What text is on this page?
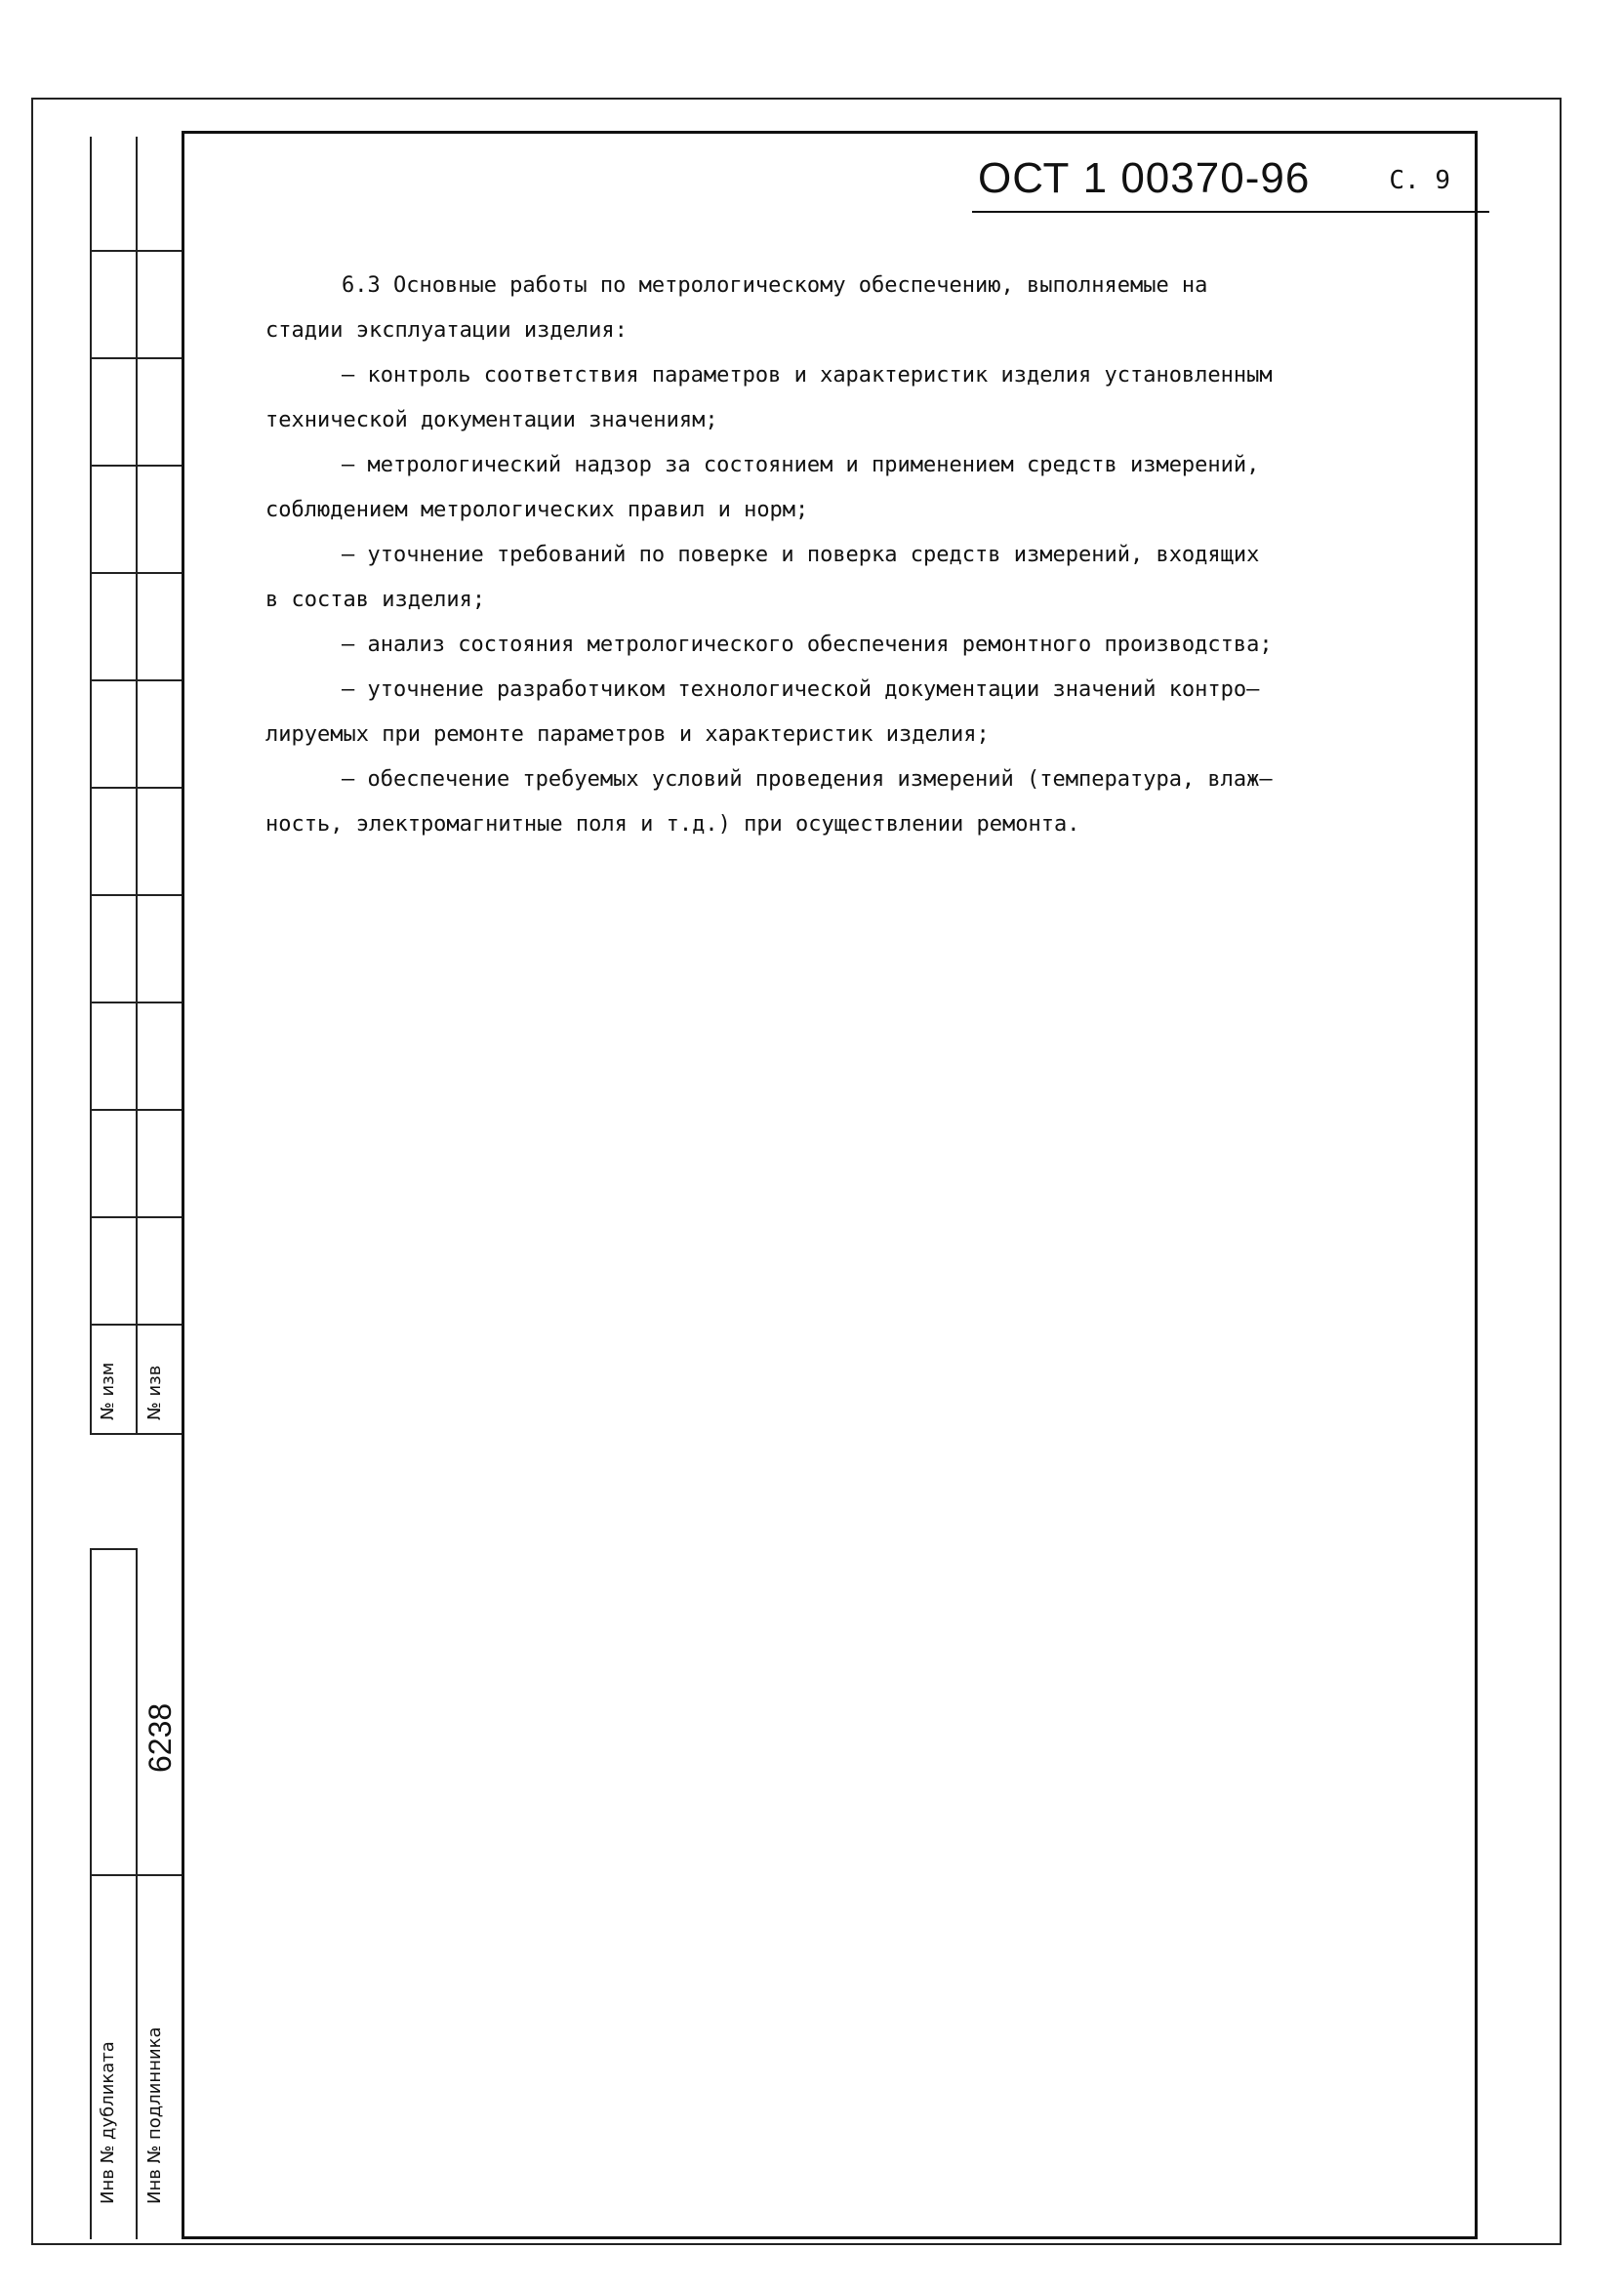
№ изм № изв
6238
Инв № дубликата Инв № подлинника
ОСТ 1 00370-96	С. 9

6.3 Основные работы по метрологическому обеспечению, выполняемые на

стадии эксплуатации изделия:

– контроль соответствия параметров и характеристик изделия установленным

технической документации значениям;

– метрологический надзор за состоянием и применением средств измерений,

соблюдением метрологических правил и норм;

– уточнение требований по поверке и поверка средств измерений, входящих

в состав изделия;

– анализ состояния метрологического обеспечения ремонтного производства;

– уточнение разработчиком технологической документации значений контро–

лируемых при ремонте параметров и характеристик изделия;

– обеспечение требуемых условий проведения измерений (температура, влаж–

ность, электромагнитные поля и т.д.) при осуществлении ремонта.
